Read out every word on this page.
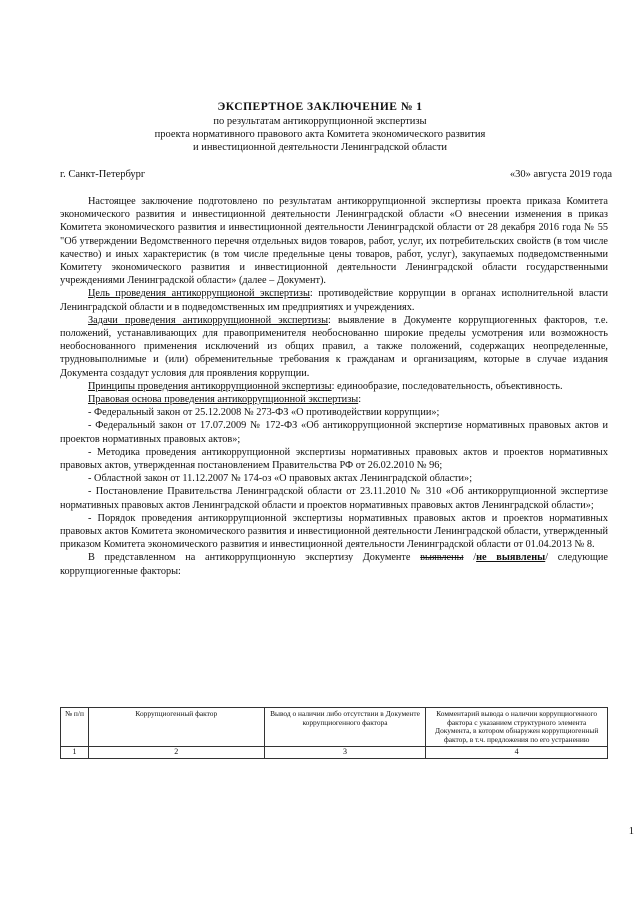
ЭКСПЕРТНОЕ ЗАКЛЮЧЕНИЕ № 1
по результатам антикоррупционной экспертизы
проекта нормативного правового акта Комитета экономического развития
и инвестиционной деятельности Ленинградской области
г. Санкт-Петербург	«30» августа 2019 года

Настоящее заключение подготовлено по результатам антикоррупционной экспертизы проекта приказа Комитета экономического развития и инвестиционной деятельности Ленинградской области «О внесении изменения в приказ Комитета экономического развития и инвестиционной деятельности Ленинградской области от 28 декабря 2016 года № 55 "Об утверждении Ведомственного перечня отдельных видов товаров, работ, услуг, их потребительских свойств (в том числе качество) и иных характеристик (в том числе предельные цены товаров, работ, услуг), закупаемых подведомственными Комитету экономического развития и инвестиционной деятельности Ленинградской области государственными учреждениями Ленинградской области» (далее – Документ).

Цель проведения антикоррупционой экспертизы: противодействие коррупции в органах исполнительной власти Ленинградской области и в подведомственных им предприятиях и учреждениях.

Задачи проведения антикоррупционной экспертизы: выявление в Документе коррупциогенных факторов, т.е. положений, устанавливающих для правоприменителя необоснованно широкие пределы усмотрения или возможность необоснованного применения исключений из общих правил, а также положений, содержащих неопределенные, трудновыполнимые и (или) обременительные требования к гражданам и организациям, которые в случае издания Документа создадут условия для проявления коррупции.

Принципы проведения антикоррупционной экспертизы: единообразие, последовательность, объективность.

Правовая основа проведения антикоррупционной экспертизы:

- Федеральный закон от 25.12.2008 № 273-ФЗ «О противодействии коррупции»;

- Федеральный закон от 17.07.2009 № 172-ФЗ «Об антикоррупционной экспертизе нормативных правовых актов и проектов нормативных правовых актов»;

- Методика проведения антикоррупционной экспертизы нормативных правовых актов и проектов нормативных правовых актов, утвержденная постановлением Правительства РФ от 26.02.2010 № 96;

- Областной закон от 11.12.2007 № 174-оз «О правовых актах Ленинградской области»;

- Постановление Правительства Ленинградской области от 23.11.2010 № 310 «Об антикоррупционной экспертизе нормативных правовых актов Ленинградской области и проектов нормативных правовых актов Ленинградской области»;

- Порядок проведения антикоррупционной экспертизы нормативных правовых актов и проектов нормативных правовых актов Комитета экономического развития и инвестиционной деятельности Ленинградской области, утвержденный приказом Комитета экономического развития и инвестиционной деятельности Ленинградской области от 01.04.2013 № 8.

В представленном на антикоррупционную экспертизу Документе выявлены /не выявлены/ следующие коррупциогенные факторы:

№ п/п	Коррупциогенный фактор	Вывод о наличии либо отсутствии в Документе коррупциогенного фактора	Комментарий вывода о наличии коррупциогенного фактора с указанием структурного элемента Документа, в котором обнаружен коррупциогенный фактор, в т.ч. предложения по его устранению
1	2	3	4
1
